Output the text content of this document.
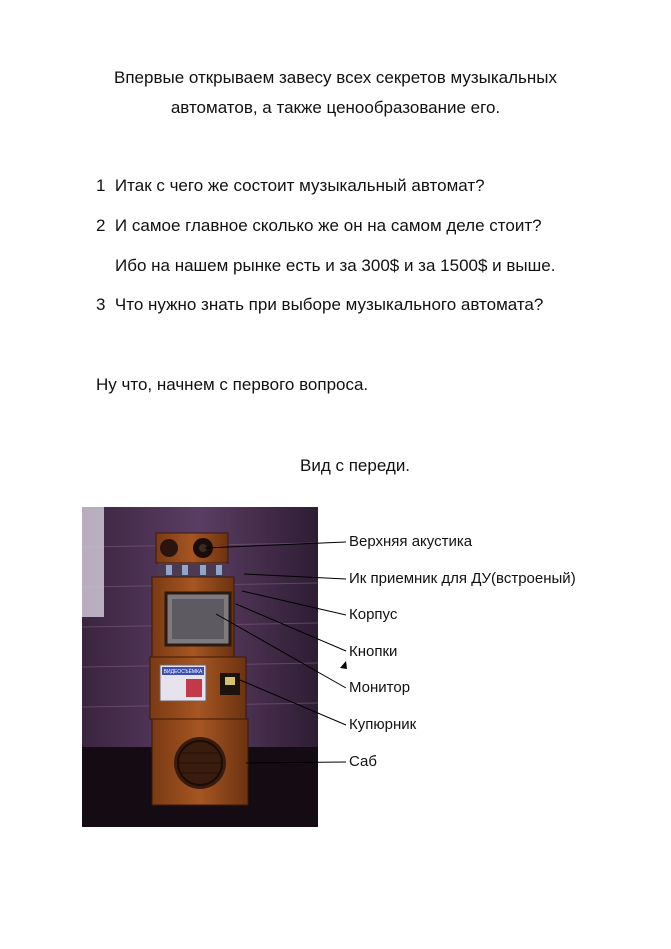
Впервые открываем завесу всех секретов музыкальных
автоматов, а также ценообразование его.
1 Итак с чего же состоит музыкальный автомат?
2 И самое главное сколько же он на самом деле стоит?
Ибо на нашем рынке есть и за 300$ и за 1500$ и выше.
3 Что нужно знать при выборе музыкального автомата?
Ну что, начнем с первого вопроса.
Вид с переди.
ВИДЕОСЪЁМКА
Верхняя акустика
Ик приемник для ДУ(встроеный)
Корпус
Кнопки
Монитор
Купюрник
Саб
